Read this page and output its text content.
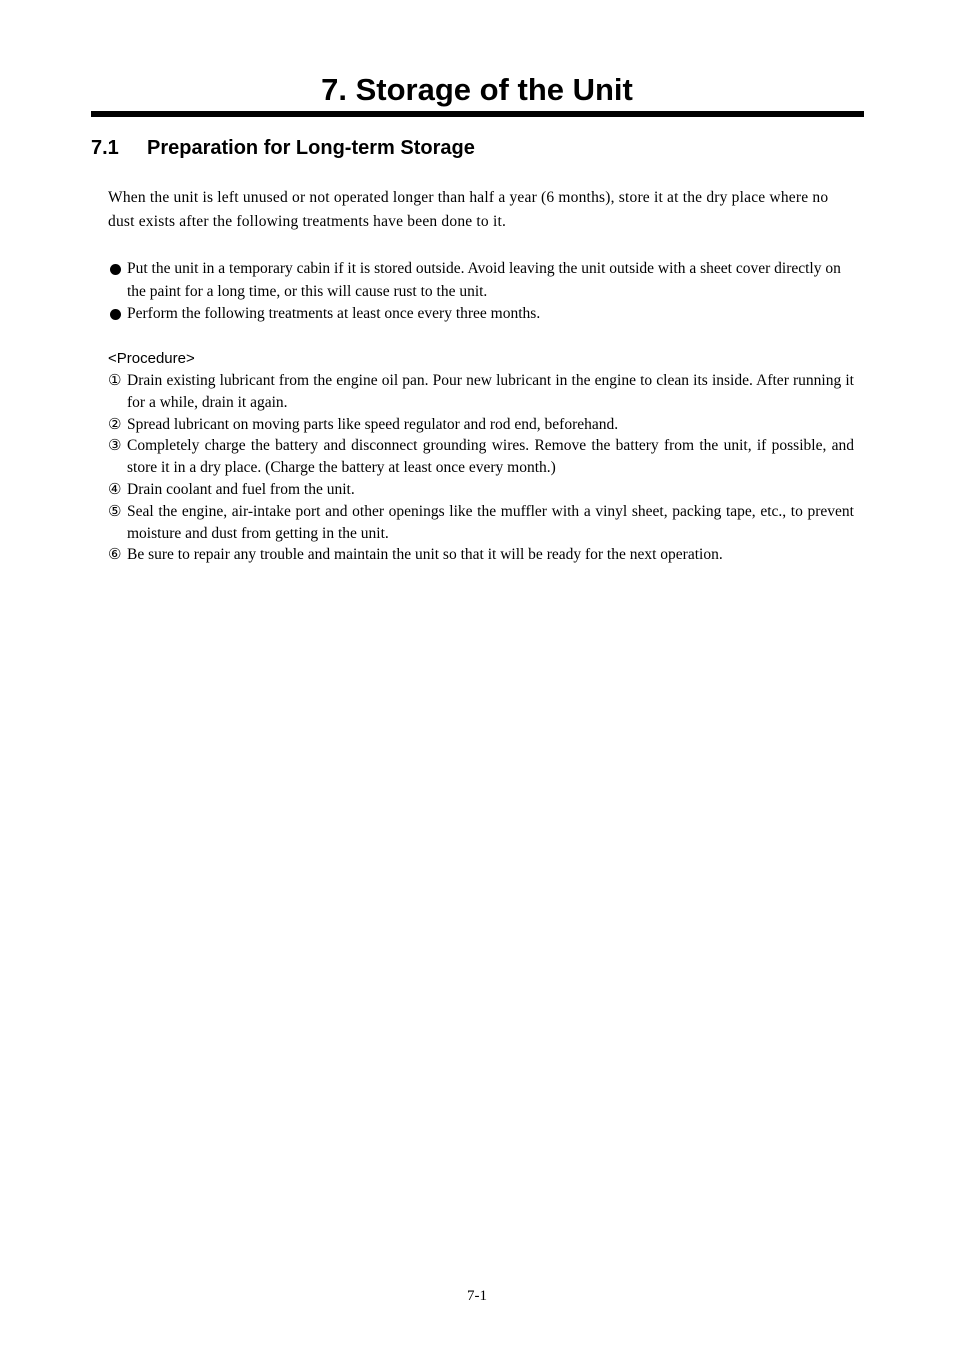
7. Storage of the Unit
7.1 Preparation for Long-term Storage

When the unit is left unused or not operated longer than half a year (6 months), store it at the dry place where no dust exists after the following treatments have been done to it.

Put the unit in a temporary cabin if it is stored outside. Avoid leaving the unit outside with a sheet cover directly on the paint for a long time, or this will cause rust to the unit.
Perform the following treatments at least once every three months.

<Procedure>

① Drain existing lubricant from the engine oil pan. Pour new lubricant in the engine to clean its inside. After running it for a while, drain it again.
② Spread lubricant on moving parts like speed regulator and rod end, beforehand.
③ Completely charge the battery and disconnect grounding wires. Remove the battery from the unit, if possible, and store it in a dry place. (Charge the battery at least once every month.)
④ Drain coolant and fuel from the unit.
⑤ Seal the engine, air-intake port and other openings like the muffler with a vinyl sheet, packing tape, etc., to prevent moisture and dust from getting in the unit.
⑥ Be sure to repair any trouble and maintain the unit so that it will be ready for the next operation.
7-1
